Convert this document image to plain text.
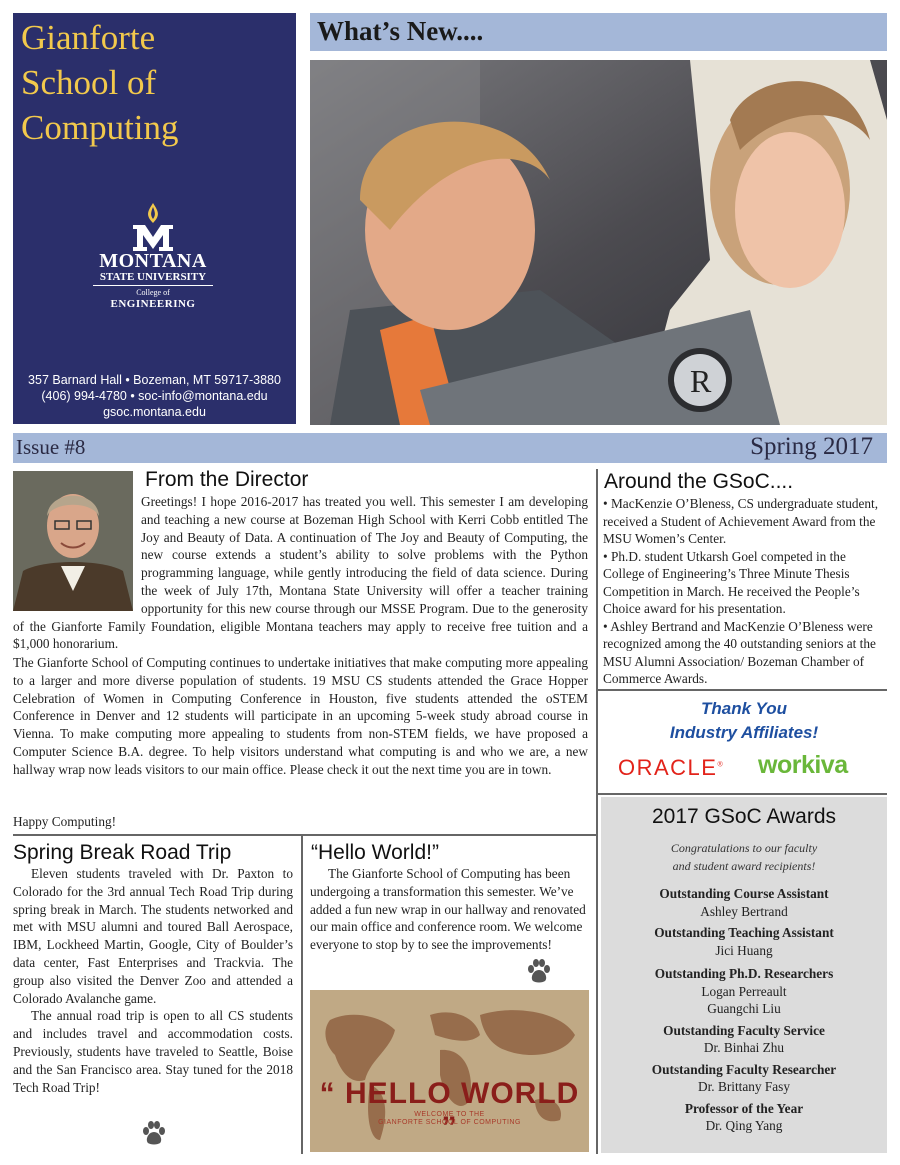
Gianforte
School of
Computing
MONTANA
STATE UNIVERSITY
College of
ENGINEERING
357 Barnard Hall • Bozeman, MT 59717-3880
(406) 994-4780 • soc-info@montana.edu
gsoc.montana.edu
What’s New....
R
Issue #8	Spring 2017
From the Director
Greetings! I hope 2016-2017 has treated you well. This semester I am developing and teaching a new course at Bozeman High School with Kerri Cobb entitled The Joy and Beauty of Data. A continuation of The Joy and Beauty of Computing, the new course extends a student’s ability to solve problems with the Python programming language, while gently introducing the field of data science. During the week of July 17th, Montana State University will offer a teacher training opportunity for this new course through our MSSE Program. Due to the generosity of the Gianforte Family Foundation, eligible Montana teachers may apply to receive free tuition and a $1,000 honorarium.
The Gianforte School of Computing continues to undertake initiatives that make computing more appealing to a larger and more diverse population of students. 19 MSU CS students attended the Grace Hopper Celebration of Women in Computing Conference in Houston, five students attended the oSTEM Conference in Denver and 12 students will participate in an upcoming 5-week study abroad course in Vienna. To make computing more appealing to students from non-STEM fields, we have proposed a Computer Science B.A. degree. To help visitors understand what computing is and who we are, a new hallway wrap now leads visitors to our main office. Please check it out the next time you are in town.
Happy Computing!
Around the GSoC....

• MacKenzie O’Bleness, CS undergraduate student, received a Student of Achievement Award from the MSU Women’s Center.

• Ph.D. student Utkarsh Goel competed in the College of Engineering’s Three Minute Thesis Competition in March. He received the People’s Choice award for his presentation.

• Ashley Bertrand and MacKenzie O’Bleness were recognized among the 40 outstanding seniors at the MSU Alumni Association/ Bozeman Chamber of Commerce Awards.

Thank You
Industry Affiliates!
ORACLE® workiva
2017 GSoC Awards
Congratulations to our faculty
and student award recipients!
Outstanding Course Assistant
Ashley Bertrand
Outstanding Teaching Assistant
Jici Huang
Outstanding Ph.D. Researchers
Logan Perreault
Guangchi Liu
Outstanding Faculty Service
Dr. Binhai Zhu
Outstanding Faculty Researcher
Dr. Brittany Fasy
Professor of the Year
Dr. Qing Yang
Spring Break Road Trip

Eleven students traveled with Dr. Paxton to Colorado for the 3rd annual Tech Road Trip during spring break in March. The students networked and met with MSU alumni and toured Ball Aerospace, IBM, Lockheed Martin, Google, City of Boulder’s data center, Fast Enterprises and Trackvia. The group also visited the Denver Zoo and attended a Colorado Avalanche game.

The annual road trip is open to all CS students and includes travel and accommodation costs. Previously, students have traveled to Seattle, Boise and the San Francisco area. Stay tuned for the 2018 Tech Road Trip!

“Hello World!”

The Gianforte School of Computing has been undergoing a transformation this semester. We’ve added a fun new wrap in our hallway and renovated our main office and conference room. We welcome everyone to stop by to see the improvements!

“ HELLO WORLD ”
WELCOME TO THE
GIANFORTE SCHOOL OF COMPUTING
